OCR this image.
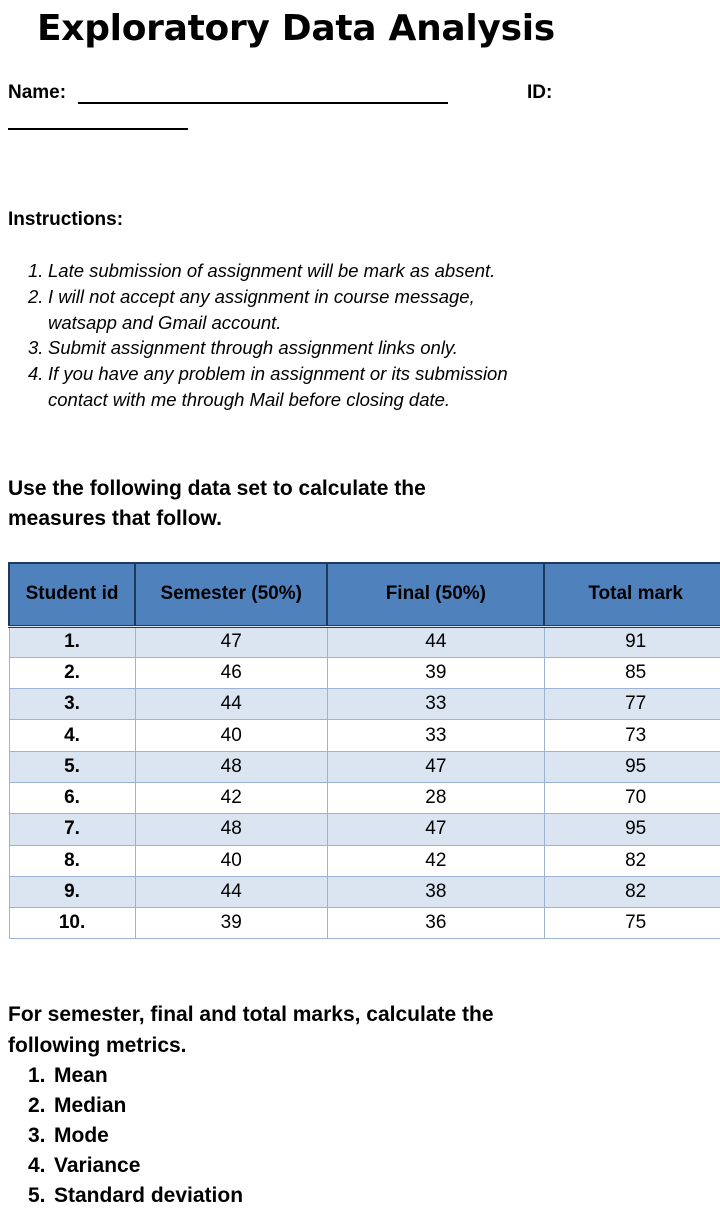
Exploratory Data Analysis
Name:	ID:
Instructions:
1. Late submission of assignment will be mark as absent.
2. I will not accept any assignment in course message,
watsapp and Gmail account.
3. Submit assignment through assignment links only.
4. If you have any problem in assignment or its submission
contact with me through Mail before closing date.
Use the following data set to calculate the
measures that follow.
Student id	Semester (50%)	Final (50%)	Total mark
1.	47	44	91
2.	46	39	85
3.	44	33	77
4.	40	33	73
5.	48	47	95
6.	42	28	70
7.	48	47	95
8.	40	42	82
9.	44	38	82
10.	39	36	75
For semester, final and total marks, calculate the
following metrics.
1. Mean
2. Median
3. Mode
4. Variance
5. Standard deviation
